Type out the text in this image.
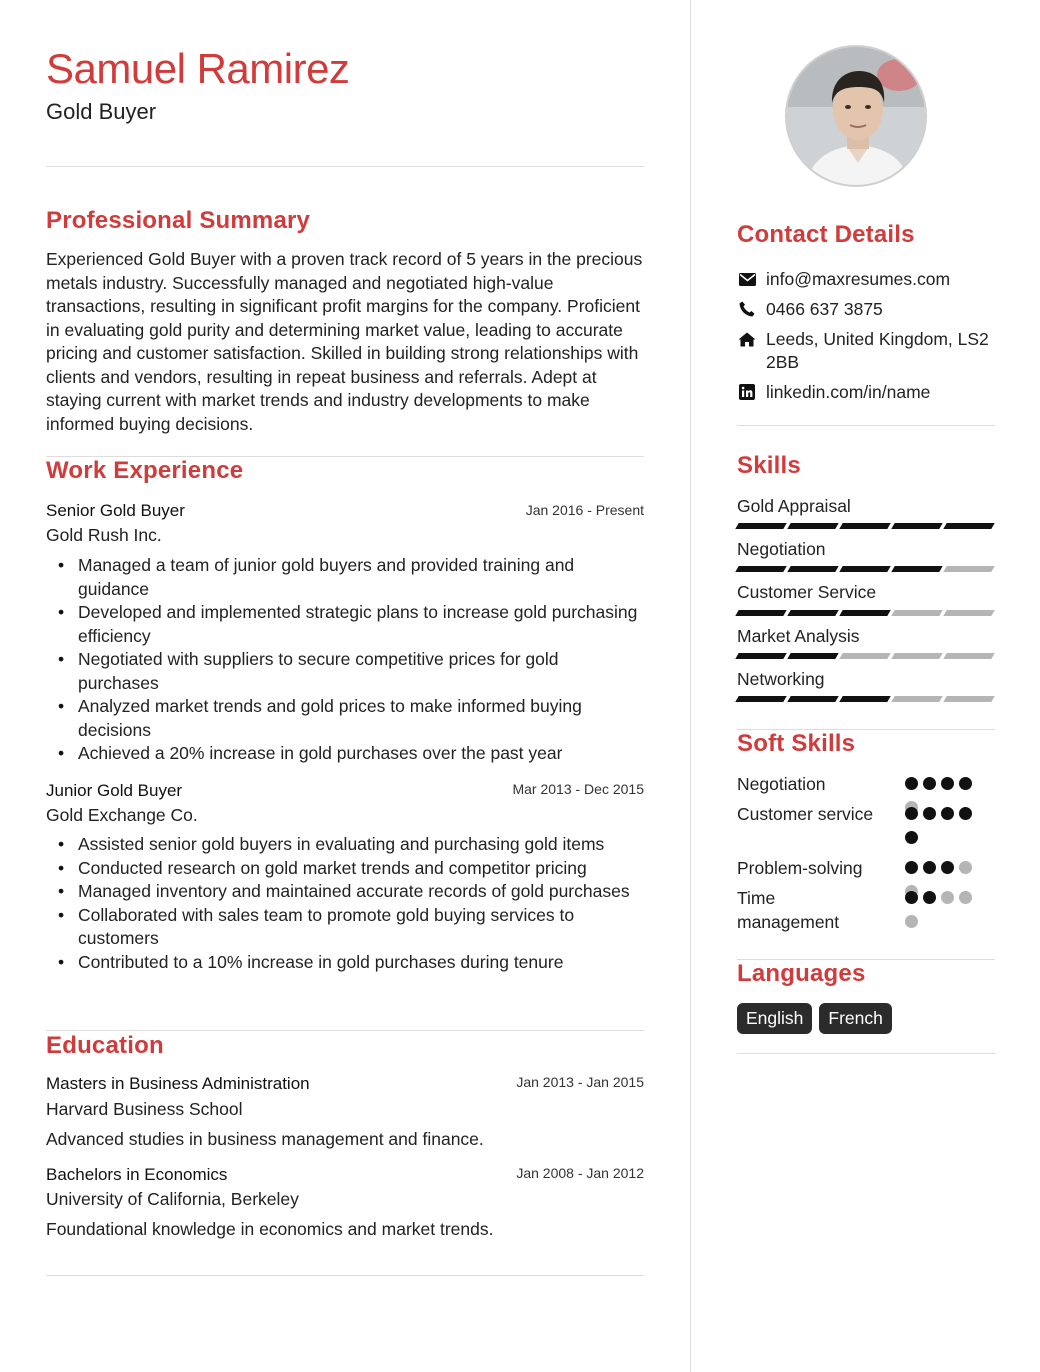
Samuel Ramirez
Gold Buyer
Professional Summary

Experienced Gold Buyer with a proven track record of 5 years in the precious metals industry. Successfully managed and negotiated high-value transactions, resulting in significant profit margins for the company. Proficient in evaluating gold purity and determining market value, leading to accurate pricing and customer satisfaction. Skilled in building strong relationships with clients and vendors, resulting in repeat business and referrals. Adept at staying current with market trends and industry developments to make informed buying decisions.

Work Experience
Senior Gold Buyer	Jan 2016 - Present
Gold Rush Inc.
• Managed a team of junior gold buyers and provided training and guidance
• Developed and implemented strategic plans to increase gold purchasing efficiency
• Negotiated with suppliers to secure competitive prices for gold purchases
• Analyzed market trends and gold prices to make informed buying decisions
• Achieved a 20% increase in gold purchases over the past year
Junior Gold Buyer	Mar 2013 - Dec 2015
Gold Exchange Co.
• Assisted senior gold buyers in evaluating and purchasing gold items
• Conducted research on gold market trends and competitor pricing
• Managed inventory and maintained accurate records of gold purchases
• Collaborated with sales team to promote gold buying services to customers
• Contributed to a 10% increase in gold purchases during tenure
Education
Masters in Business Administration	Jan 2013 - Jan 2015
Harvard Business School
Advanced studies in business management and finance.
Bachelors in Economics	Jan 2008 - Jan 2012
University of California, Berkeley
Foundational knowledge in economics and market trends.
Contact Details
info@maxresumes.com
0466 637 3875
Leeds, United Kingdom, LS2 2BB
linkedin.com/in/name
Skills
Gold Appraisal
Negotiation
Customer Service
Market Analysis
Networking
Soft Skills
Negotiation
Customer service
Problem-solving
Time management
Languages
English	French
